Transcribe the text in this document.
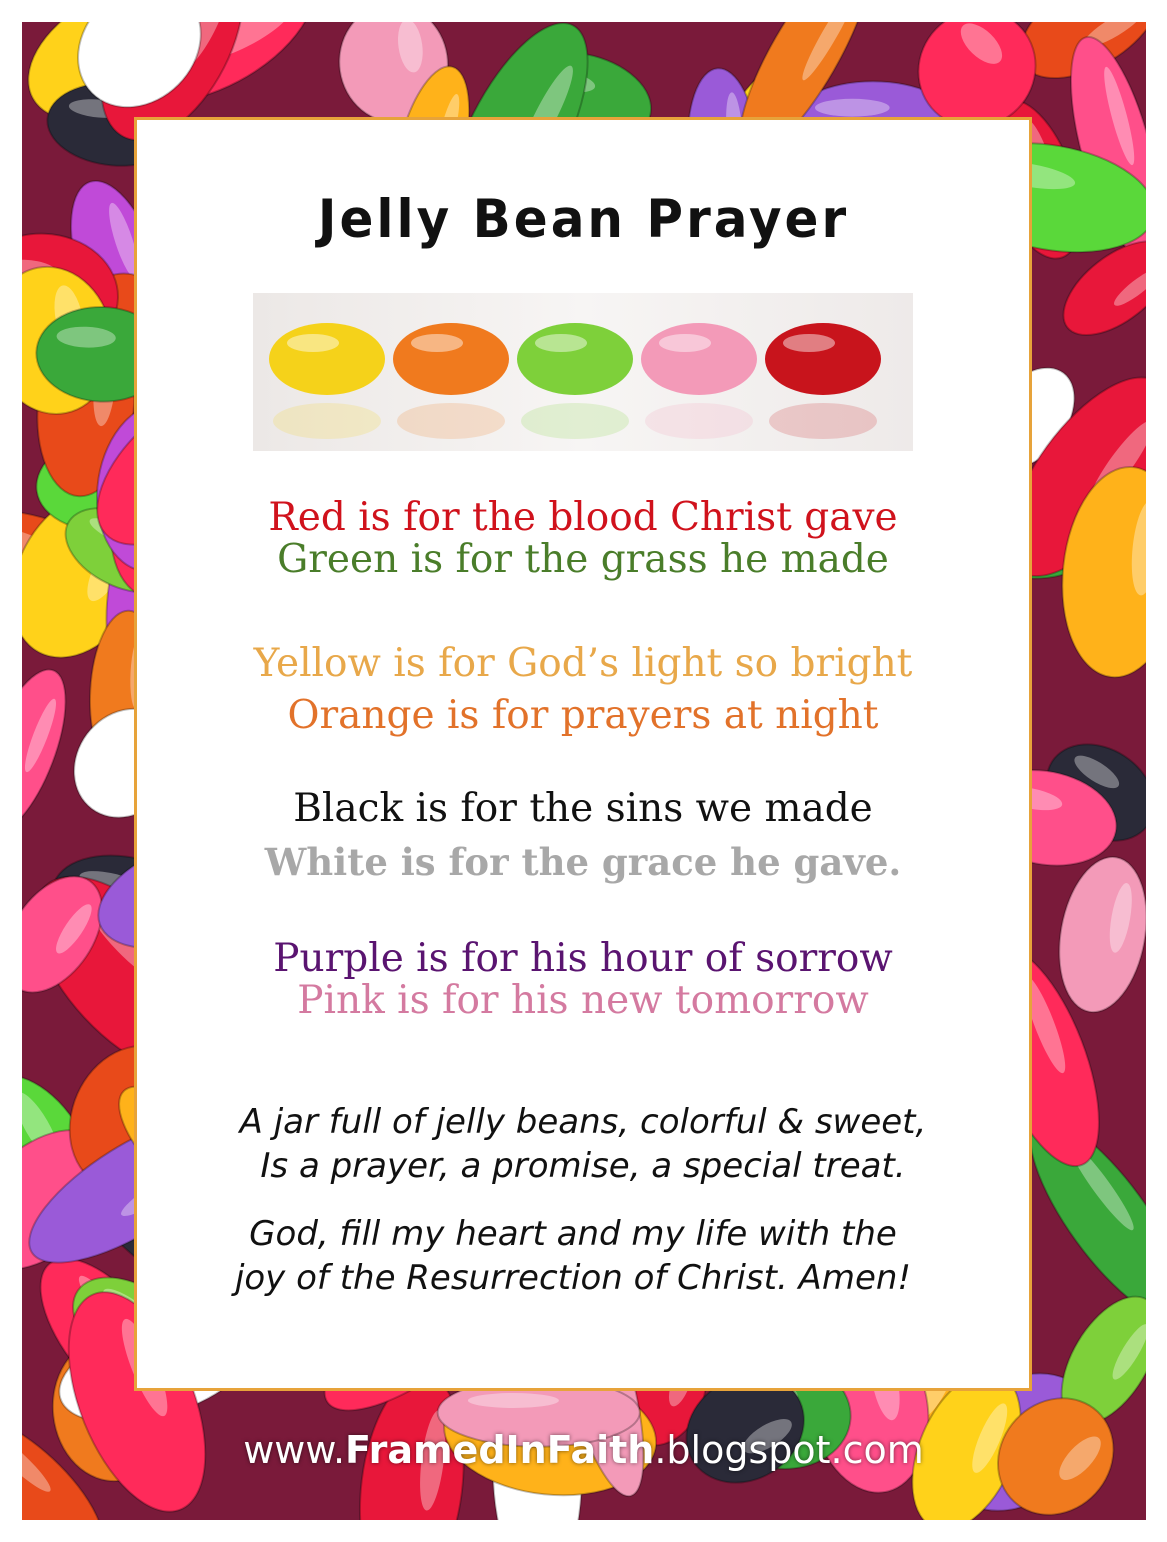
Jelly Bean Prayer
Red is for the blood Christ gave
Green is for the grass he made
Yellow is for God’s light so bright
Orange is for prayers at night
Black is for the sins we made
White is for the grace he gave.
Purple is for his hour of sorrow
Pink is for his new tomorrow
A jar full of jelly beans, colorful & sweet,
Is a prayer, a promise, a special treat.
God, fill my heart and my life with the
joy of the Resurrection of Christ. Amen!
www.FramedInFaith.blogspot.com
